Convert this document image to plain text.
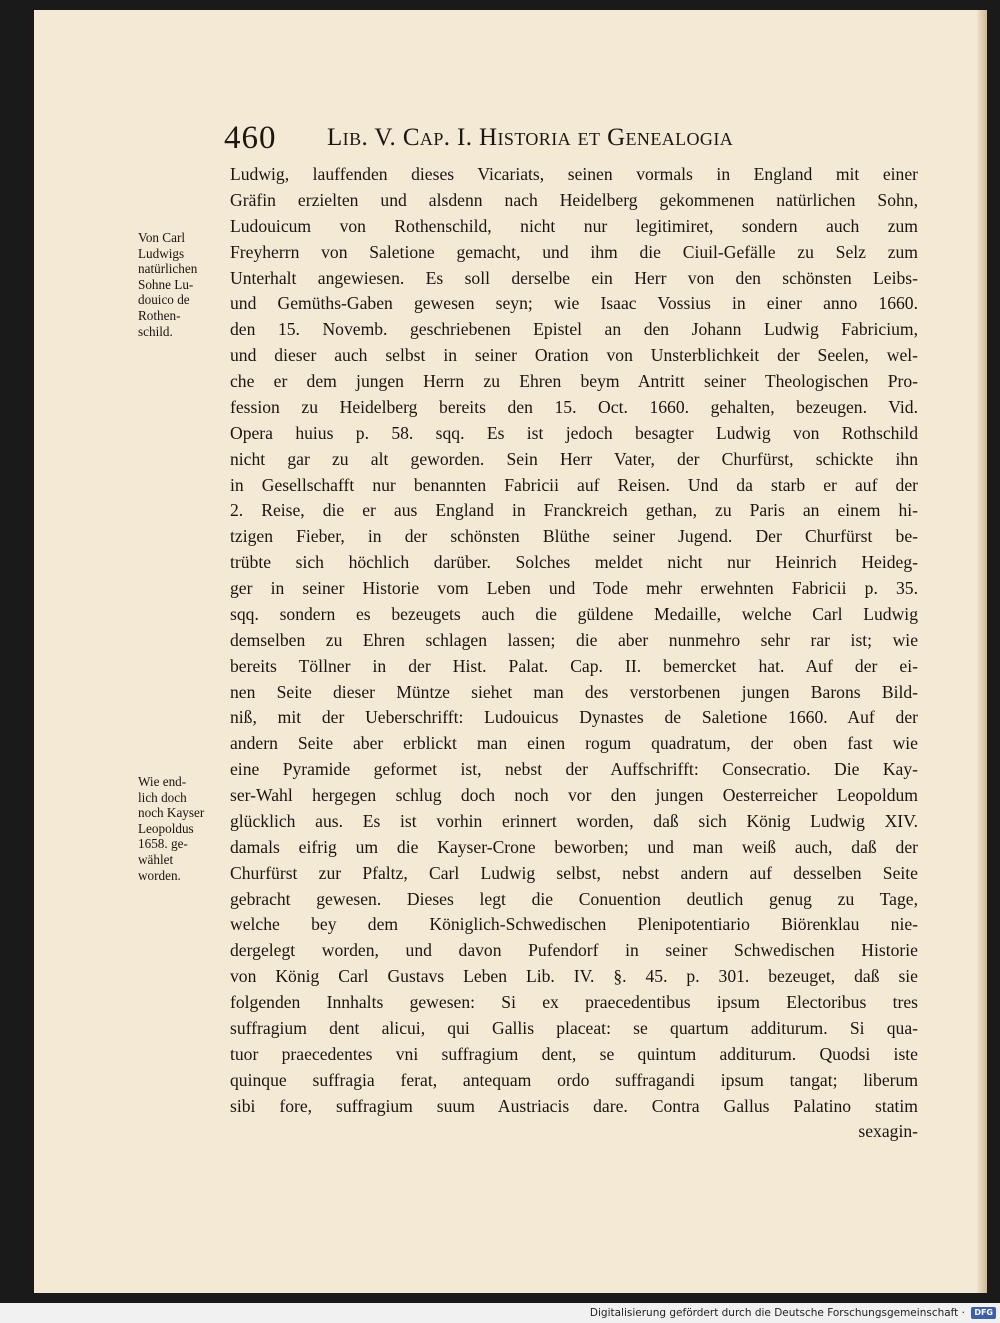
460 Lib. V. Cap. I. Historia et Genealogia
Von Carl
Ludwigs
natürlichen
Sohne Lu-
douico de
Rothen-
schild.
Wie end-
lich doch
noch Kayser
Leopoldus
1658. ge-
wählet
worden.
Ludwig, lauffenden dieses Vicariats, seinen vormals in England mit einer
Gräfin erzielten und alsdenn nach Heidelberg gekommenen natürlichen Sohn,
Ludouicum von Rothenschild, nicht nur legitimiret, sondern auch zum
Freyherrn von Saletione gemacht, und ihm die Ciuil-Gefälle zu Selz zum
Unterhalt angewiesen. Es soll derselbe ein Herr von den schönsten Leibs-
und Gemüths-Gaben gewesen seyn; wie Isaac Vossius in einer anno 1660.
den 15. Novemb. geschriebenen Epistel an den Johann Ludwig Fabricium,
und dieser auch selbst in seiner Oration von Unsterblichkeit der Seelen, wel-
che er dem jungen Herrn zu Ehren beym Antritt seiner Theologischen Pro-
fession zu Heidelberg bereits den 15. Oct. 1660. gehalten, bezeugen. Vid.
Opera huius p. 58. sqq. Es ist jedoch besagter Ludwig von Rothschild
nicht gar zu alt geworden. Sein Herr Vater, der Churfürst, schickte ihn
in Gesellschafft nur benannten Fabricii auf Reisen. Und da starb er auf der
2. Reise, die er aus England in Franckreich gethan, zu Paris an einem hi-
tzigen Fieber, in der schönsten Blüthe seiner Jugend. Der Churfürst be-
trübte sich höchlich darüber. Solches meldet nicht nur Heinrich Heideg-
ger in seiner Historie vom Leben und Tode mehr erwehnten Fabricii p. 35.
sqq. sondern es bezeugets auch die güldene Medaille, welche Carl Ludwig
demselben zu Ehren schlagen lassen; die aber nunmehro sehr rar ist; wie
bereits Töllner in der Hist. Palat. Cap. II. bemercket hat. Auf der ei-
nen Seite dieser Müntze siehet man des verstorbenen jungen Barons Bild-
niß, mit der Ueberschrifft: Ludouicus Dynastes de Saletione 1660. Auf der
andern Seite aber erblickt man einen rogum quadratum, der oben fast wie
eine Pyramide geformet ist, nebst der Auffschrifft: Consecratio. Die Kay-
ser-Wahl hergegen schlug doch noch vor den jungen Oesterreicher Leopoldum
glücklich aus. Es ist vorhin erinnert worden, daß sich König Ludwig XIV.
damals eifrig um die Kayser-Crone beworben; und man weiß auch, daß der
Churfürst zur Pfaltz, Carl Ludwig selbst, nebst andern auf desselben Seite
gebracht gewesen. Dieses legt die Conuention deutlich genug zu Tage,
welche bey dem Königlich-Schwedischen Plenipotentiario Biörenklau nie-
dergelegt worden, und davon Pufendorf in seiner Schwedischen Historie
von König Carl Gustavs Leben Lib. IV. §. 45. p. 301. bezeuget, daß sie
folgenden Innhalts gewesen: Si ex praecedentibus ipsum Electoribus tres
suffragium dent alicui, qui Gallis placeat: se quartum additurum. Si qua-
tuor praecedentes vni suffragium dent, se quintum additurum. Quodsi iste
quinque suffragia ferat, antequam ordo suffragandi ipsum tangat; liberum
sibi fore, suffragium suum Austriacis dare. Contra Gallus Palatino statim
sexagin-
Digitalisierung gefördert durch die Deutsche Forschungsgemeinschaft · DFG
